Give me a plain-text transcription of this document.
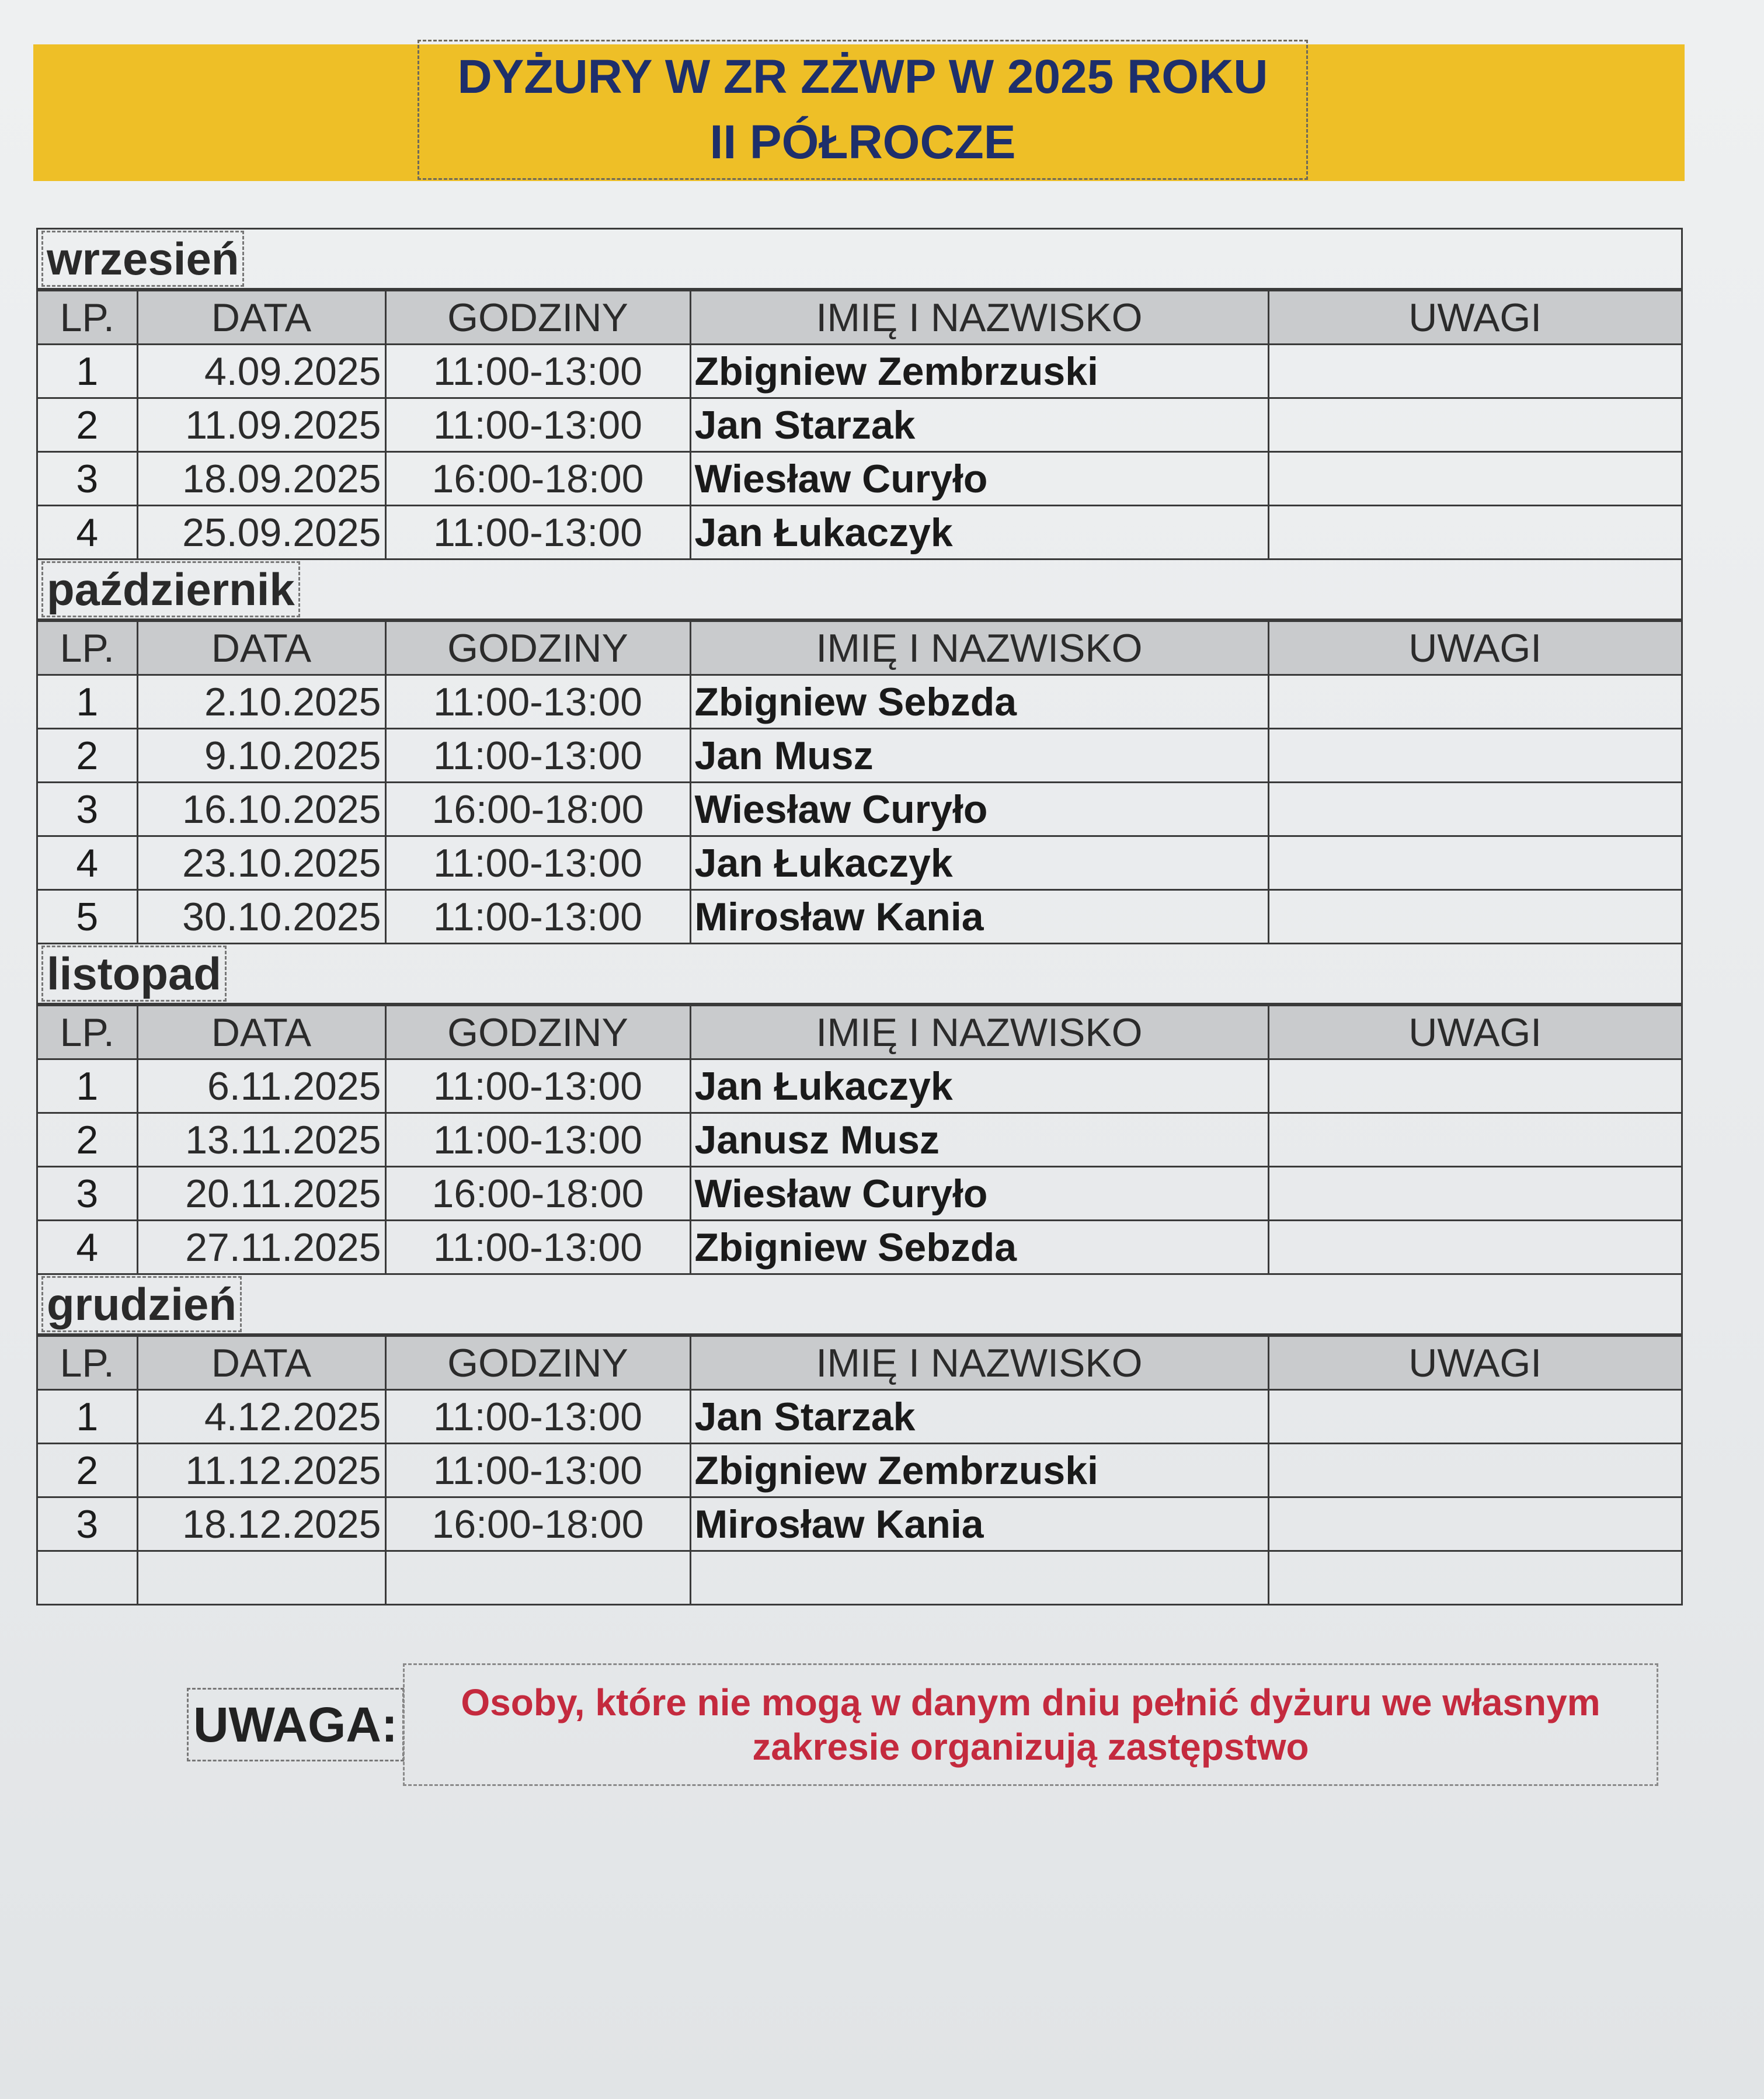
DYŻURY W ZR ZŻWP W 2025 ROKU
II PÓŁROCZE
wrzesień
LP.	DATA	GODZINY	IMIĘ I NAZWISKO	UWAGI
1	4.09.2025	11:00-13:00	Zbigniew Zembrzuski	
2	11.09.2025	11:00-13:00	Jan Starzak	
3	18.09.2025	16:00-18:00	Wiesław Curyło	
4	25.09.2025	11:00-13:00	Jan Łukaczyk	
październik
LP.	DATA	GODZINY	IMIĘ I NAZWISKO	UWAGI
1	2.10.2025	11:00-13:00	Zbigniew Sebzda	
2	9.10.2025	11:00-13:00	Jan Musz	
3	16.10.2025	16:00-18:00	Wiesław Curyło	
4	23.10.2025	11:00-13:00	Jan Łukaczyk	
5	30.10.2025	11:00-13:00	Mirosław Kania	
listopad
LP.	DATA	GODZINY	IMIĘ I NAZWISKO	UWAGI
1	6.11.2025	11:00-13:00	Jan Łukaczyk	
2	13.11.2025	11:00-13:00	Janusz Musz	
3	20.11.2025	16:00-18:00	Wiesław Curyło	
4	27.11.2025	11:00-13:00	Zbigniew Sebzda	
grudzień
LP.	DATA	GODZINY	IMIĘ I NAZWISKO	UWAGI
1	4.12.2025	11:00-13:00	Jan Starzak	
2	11.12.2025	11:00-13:00	Zbigniew Zembrzuski	
3	18.12.2025	16:00-18:00	Mirosław Kania	

UWAGA: Osoby, które nie mogą w danym dniu pełnić dyżuru we własnym
zakresie organizują zastępstwo
